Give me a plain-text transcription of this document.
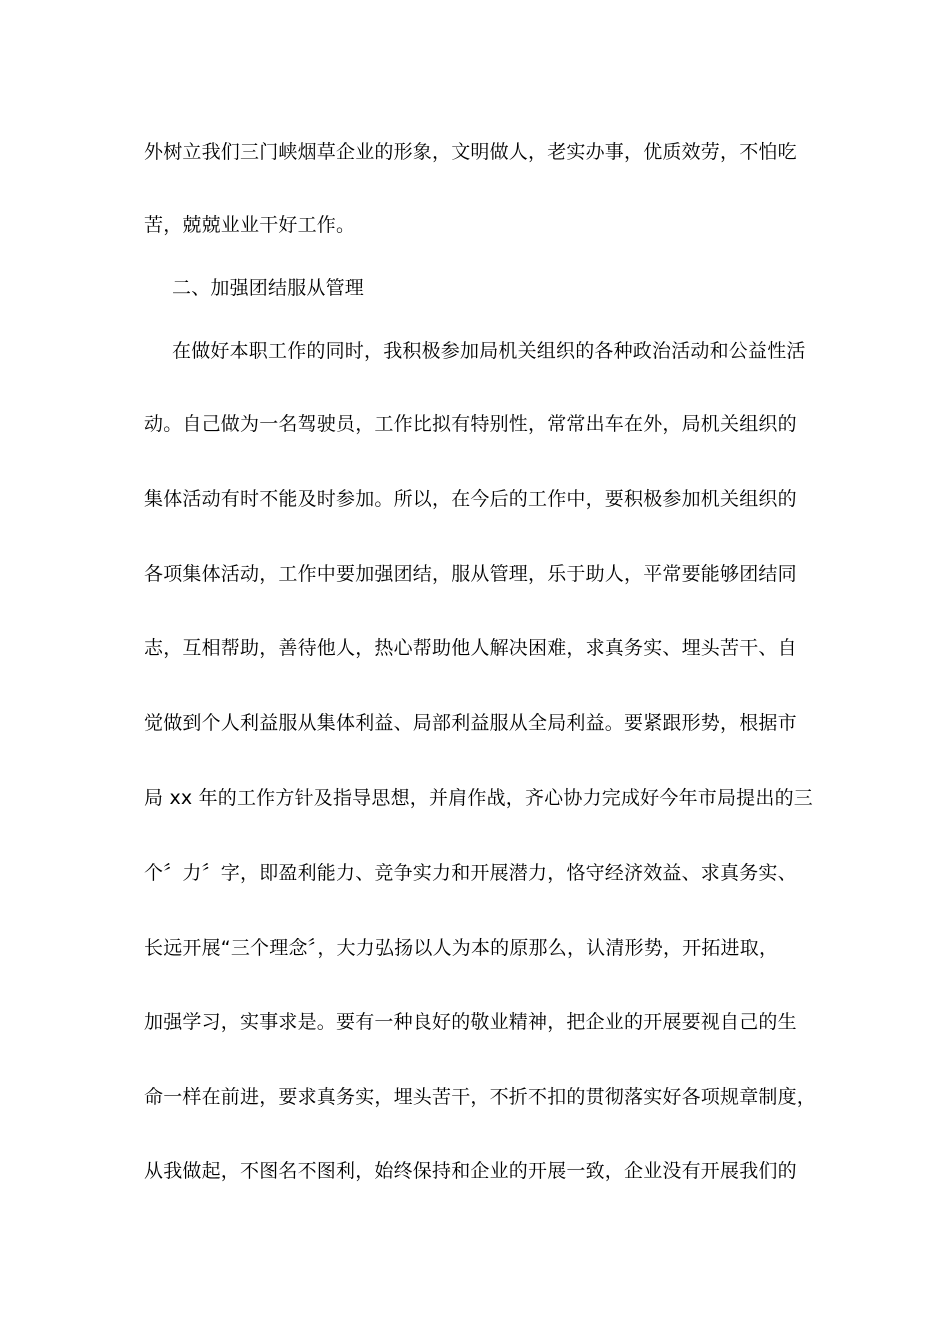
外树立我们三门峡烟草企业的形象，文明做人，老实办事，优质效劳，不怕吃
苦，兢兢业业干好工作。
二、加强团结服从管理
在做好本职工作的同时，我积极参加局机关组织的各种政治活动和公益性活
动。自己做为一名驾驶员，工作比拟有特别性，常常出车在外，局机关组织的
集体活动有时不能及时参加。所以，在今后的工作中，要积极参加机关组织的
各项集体活动，工作中要加强团结，服从管理，乐于助人，平常要能够团结同
志，互相帮助，善待他人，热心帮助他人解决困难，求真务实、埋头苦干、自
觉做到个人利益服从集体利益、局部利益服从全局利益。要紧跟形势，根据市
局 xx 年的工作方针及指导思想，并肩作战，齐心协力完成好今年市局提出的三
个〞力〞字，即盈利能力、竞争实力和开展潜力，恪守经济效益、求真务实、
长远开展“三个理念〞，大力弘扬以人为本的原那么，认清形势，开拓进取，
加强学习，实事求是。要有一种良好的敬业精神，把企业的开展要视自己的生
命一样在前进，要求真务实，埋头苦干，不折不扣的贯彻落实好各项规章制度，
从我做起，不图名不图利，始终保持和企业的开展一致，企业没有开展我们的
